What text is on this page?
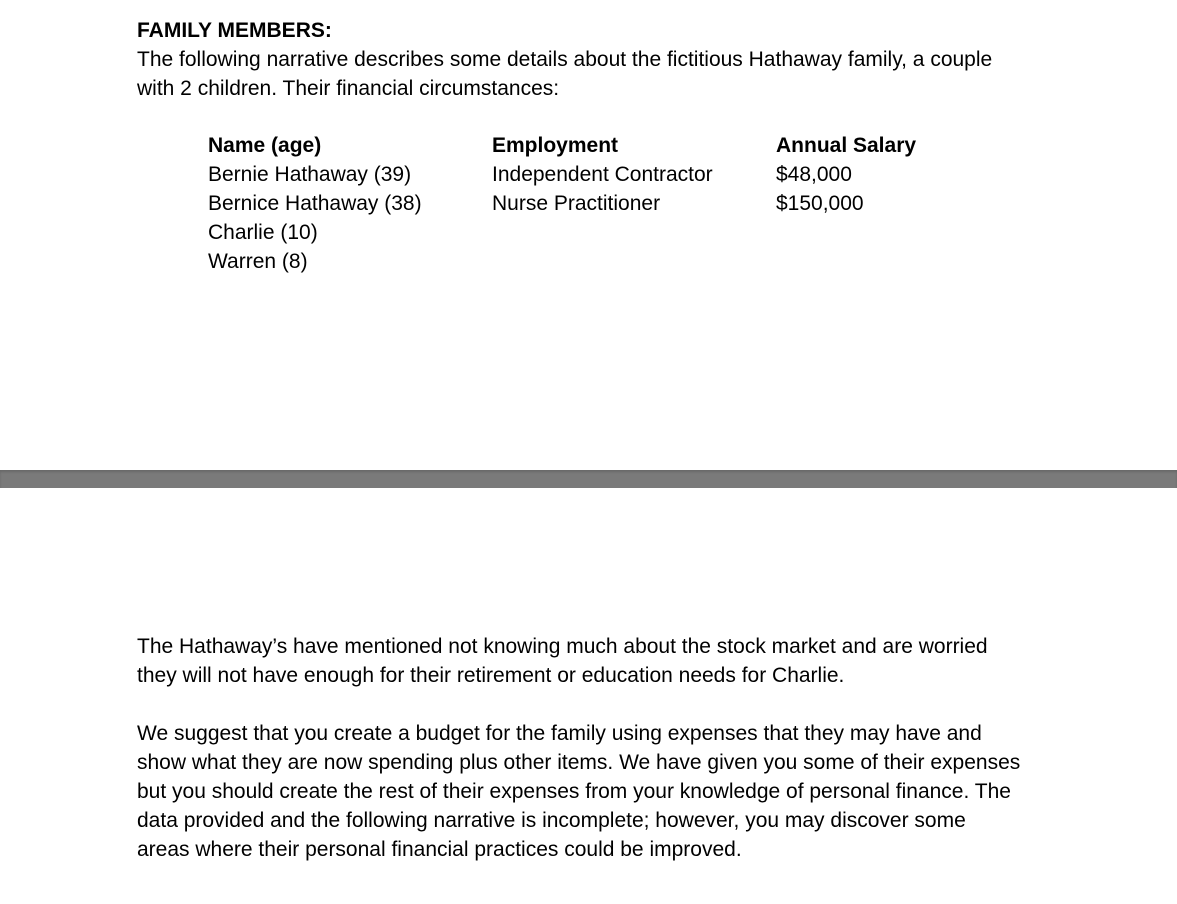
FAMILY MEMBERS:
The following narrative describes some details about the fictitious Hathaway family, a couple
with 2 children. Their financial circumstances:
Name (age)
Bernie Hathaway (39)
Bernice Hathaway (38)
Charlie (10)
Warren (8)
Employment
Independent Contractor
Nurse Practitioner
Annual Salary
$48,000
$150,000
The Hathaway’s have mentioned not knowing much about the stock market and are worried
they will not have enough for their retirement or education needs for Charlie.
We suggest that you create a budget for the family using expenses that they may have and
show what they are now spending plus other items. We have given you some of their expenses
but you should create the rest of their expenses from your knowledge of personal finance. The
data provided and the following narrative is incomplete; however, you may discover some
areas where their personal financial practices could be improved.
